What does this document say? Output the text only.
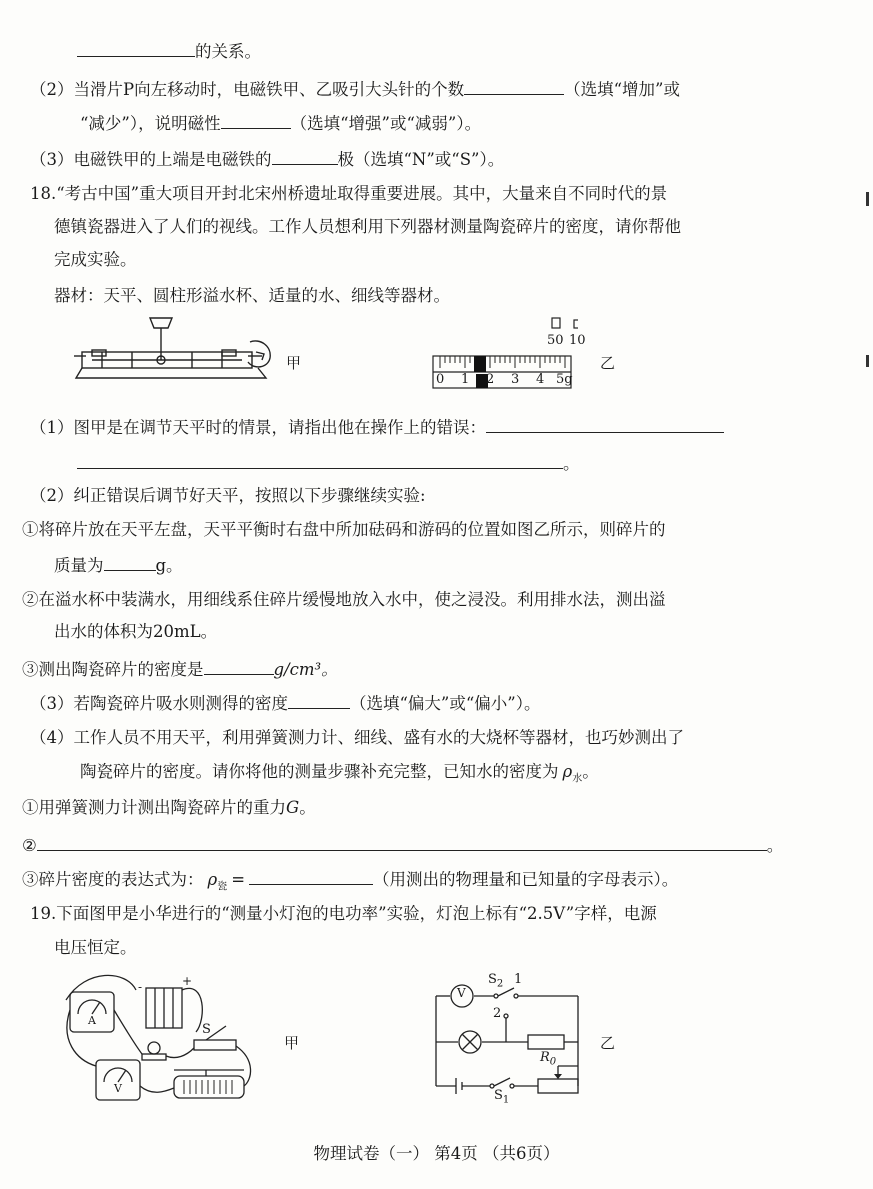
的关系。
（2）当滑片P向左移动时，电磁铁甲、乙吸引大头针的个数	（选填“增加”或
“减少”），说明磁性	（选填“增强”或“减弱”）。
（3）电磁铁甲的上端是电磁铁的	极（选填“N”或“S”）。
18.“考古中国”重大项目开封北宋州桥遗址取得重要进展。其中，大量来自不同时代的景
德镇瓷器进入了人们的视线。工作人员想利用下列器材测量陶瓷碎片的密度，请你帮他
完成实验。
器材：天平、圆柱形溢水杯、适量的水、细线等器材。
甲
50 10
0 1 2 3 4 5g
乙
（1）图甲是在调节天平时的情景，请指出他在操作上的错误：
。
（2）纠正错误后调节好天平，按照以下步骤继续实验:
①将碎片放在天平左盘，天平平衡时右盘中所加砝码和游码的位置如图乙所示，则碎片的
质量为	g。
②在溢水杯中装满水，用细线系住碎片缓慢地放入水中，使之浸没。利用排水法，测出溢
出水的体积为20mL。
③测出陶瓷碎片的密度是	g/cm³。
（3）若陶瓷碎片吸水则测得的密度	（选填“偏大”或“偏小”）。
（4）工作人员不用天平，利用弹簧测力计、细线、盛有水的大烧杯等器材，也巧妙测出了
陶瓷碎片的密度。请你将他的测量步骤补充完整，已知水的密度为 $\rho_水$。
①用弹簧测力计测出陶瓷碎片的重力G。
②	。
③碎片密度的表达式为： $\rho_瓷$ =	（用测出的物理量和已知量的字母表示）。
19.下面图甲是小华进行的“测量小灯泡的电功率”实验，灯泡上标有“2.5V”字样，电源
电压恒定。
A
V
-	+
S
甲
V
$S_2$ 1
2
$R_0$
$S_1$
乙
物理试卷（一） 第4页 （共6页）
